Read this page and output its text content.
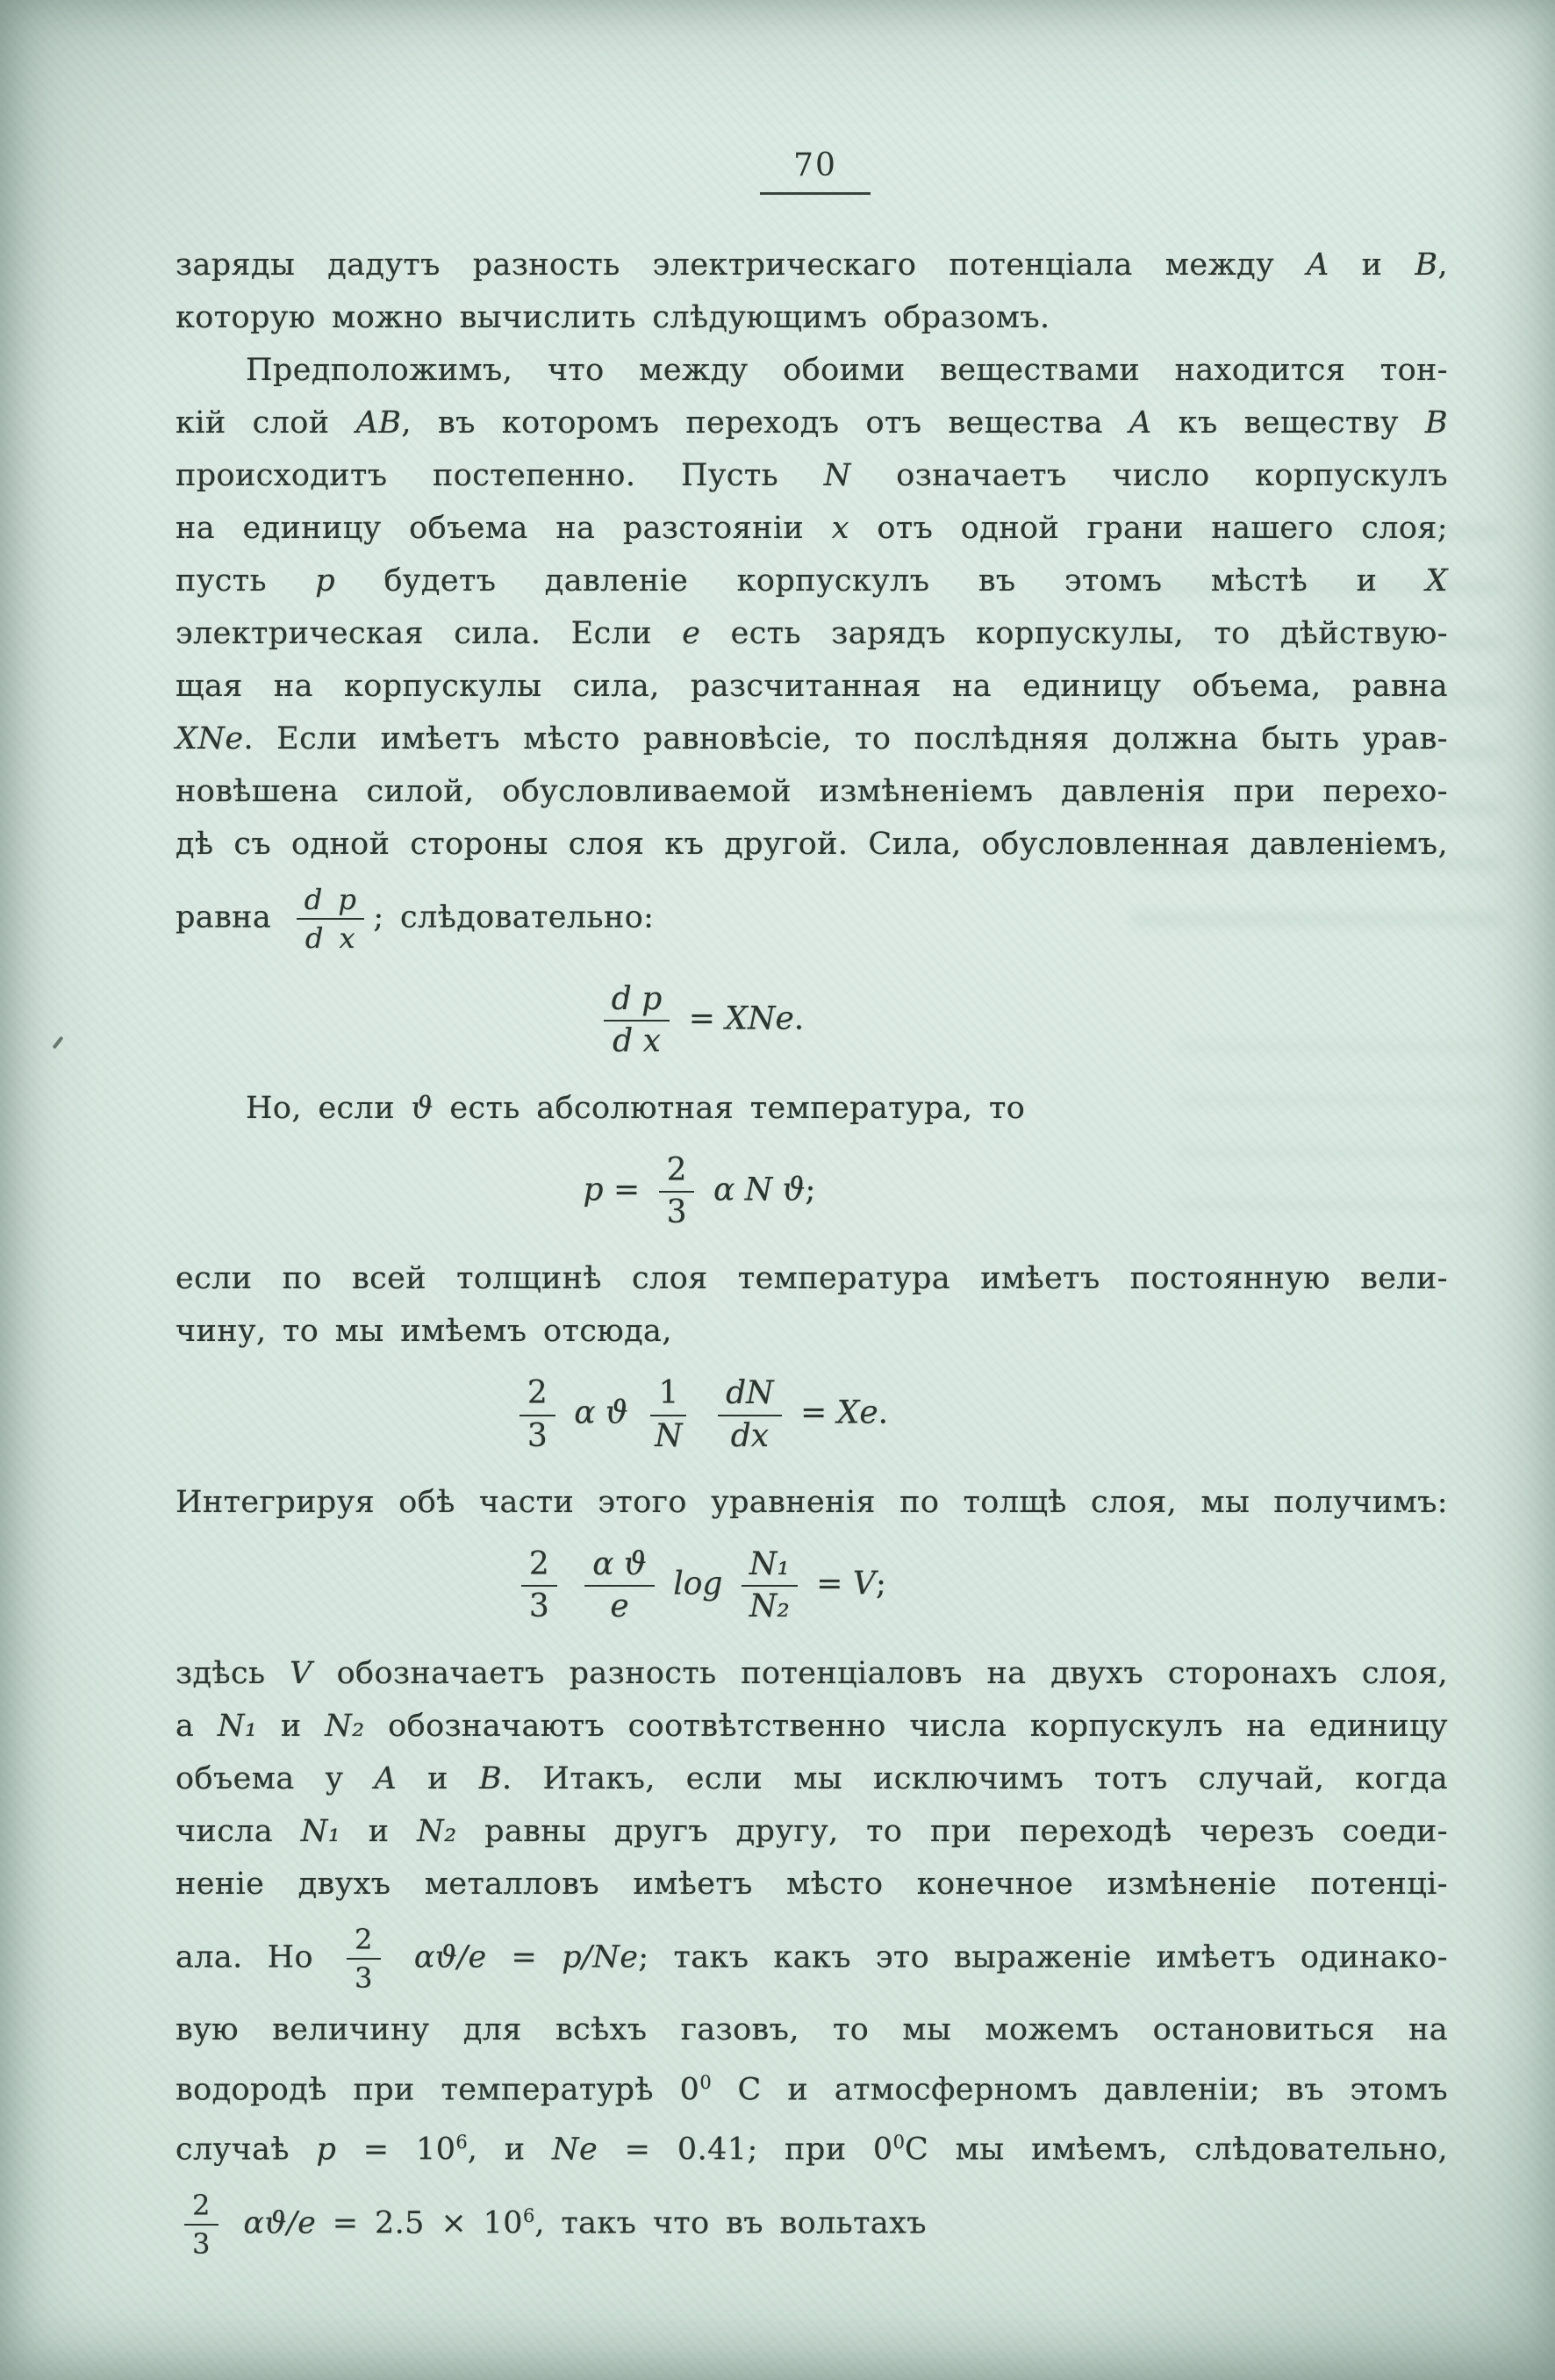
70
заряды дадутъ разность электрическаго потенціала между A и B,
которую можно вычислить слѣдующимъ образомъ.
Предположимъ, что между обоими веществами находится тон-
кій слой AB, въ которомъ переходъ отъ вещества A къ веществу B
происходитъ постепенно. Пусть N означаетъ число корпускулъ
на единицу объема на разстояніи x отъ одной грани нашего слоя;
пусть p будетъ давленіе корпускулъ въ этомъ мѣстѣ и X
электрическая сила. Если e есть зарядъ корпускулы, то дѣйствую-
щая на корпускулы сила, разсчитанная на единицу объема, равна
XNe. Если имѣетъ мѣсто равновѣсіе, то послѣдняя должна быть урав-
новѣшена силой, обусловливаемой измѣненіемъ давленія при перехо-
дѣ съ одной стороны слоя къ другой. Сила, обусловленная давленіемъ,
равна $\frac{\text{d p}}{\text{d x}}$ ; слѣдовательно:
$\frac{\text{d p}}{\text{d x}}$ = XNe.
Но, если ϑ есть абсолютная температура, то
$p = \frac{2}{3}$ α N ϑ;
если по всей толщинѣ слоя температура имѣетъ постоянную вели-
чину, то мы имѣемъ отсюда,
$\frac{2}{3}$ α ϑ $\frac{1}{N}$
$\frac{dN}{dx} = Xe$.
Интегрируя обѣ части этого уравненія по толщѣ слоя, мы получимъ:
$\frac{2}{3}$
$\frac{\text{α ϑ}}{e}$ $\log \frac{\text{N₁}}{\text{N₂}} = V$;
здѣсь V обозначаетъ разность потенціаловъ на двухъ сторонахъ слоя,
а N₁ и N₂ обозначаютъ соотвѣтственно числа корпускулъ на единицу
объема у A и B. Итакъ, если мы исключимъ тотъ случай, когда
числа N₁ и N₂ равны другъ другу, то при переходѣ черезъ соеди-
неніе двухъ металловъ имѣетъ мѣсто конечное измѣненіе потенці-
ала. Но $\frac{2}{3} \alpha ϑ/e = p/Ne$; такъ какъ это выраженіе имѣетъ одинако-
вую величину для всѣхъ газовъ, то мы можемъ остановиться на
водородѣ при температурѣ $0^0$ C и атмосферномъ давленіи; въ этомъ
случаѣ $p = 10^6$, и Ne = 0.41; при $0^0C$ мы имѣемъ, слѣдовательно,
$\frac{2}{3} \alpha ϑ/e = 2.5 \times 10^6$, такъ что въ вольтахъ
